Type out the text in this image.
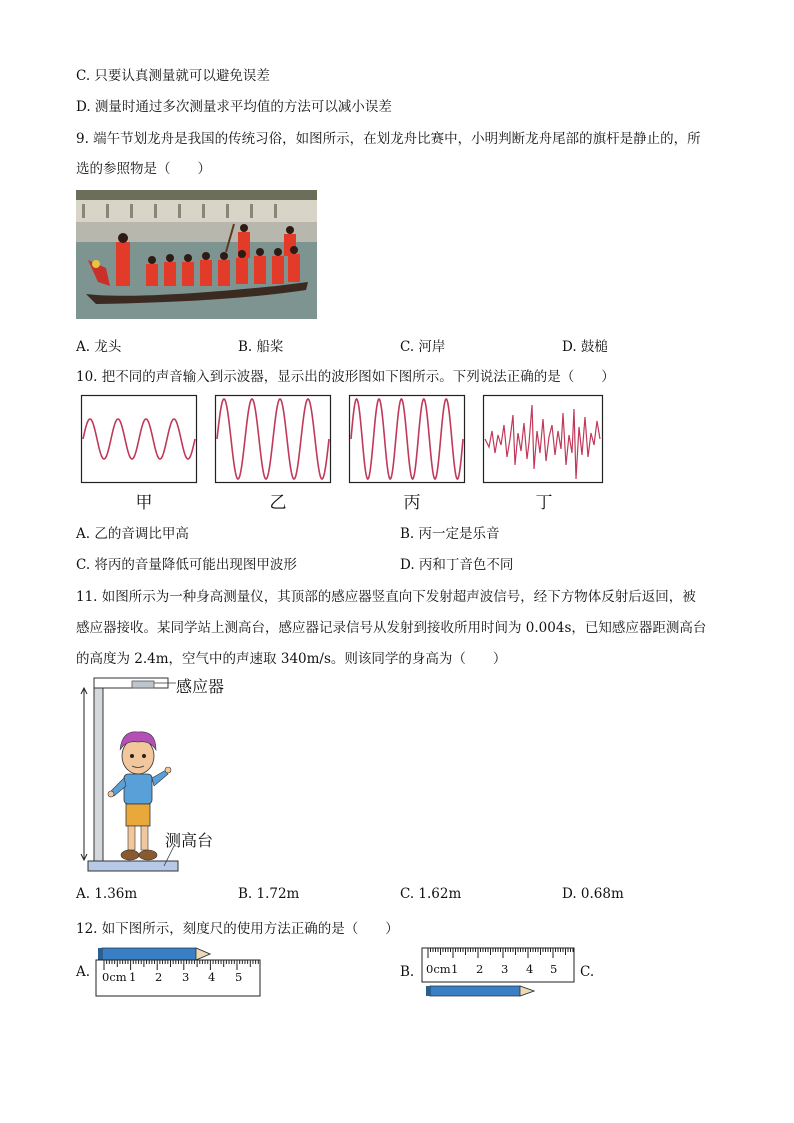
C. 只要认真测量就可以避免误差
D. 测量时通过多次测量求平均值的方法可以减小误差
9. 端午节划龙舟是我国的传统习俗，如图所示，在划龙舟比赛中，小明判断龙舟尾部的旗杆是静止的，所
选的参照物是（　　）
A. 龙头	B. 船桨	C. 河岸	D. 鼓槌
10. 把不同的声音输入到示波器，显示出的波形图如下图所示。下列说法正确的是（　　）
甲	乙	丙	丁
A. 乙的音调比甲高	B. 丙一定是乐音
C. 将丙的音量降低可能出现图甲波形	D. 丙和丁音色不同
11. 如图所示为一种身高测量仪，其顶部的感应器竖直向下发射超声波信号，经下方物体反射后返回，被
感应器接收。某同学站上测高台，感应器记录信号从发射到接收所用时间为 0.004s，已知感应器距测高台
的高度为 2.4m，空气中的声速取 340m/s。则该同学的身高为（　　）
感应器
测高台
A. 1.36m	B. 1.72m	C. 1.62m	D. 0.68m
12. 如下图所示，刻度尺的使用方法正确的是（　　）
A. 0cm 1 2 3 4 5	B. 0cm 1 2 3 4 5 C.
